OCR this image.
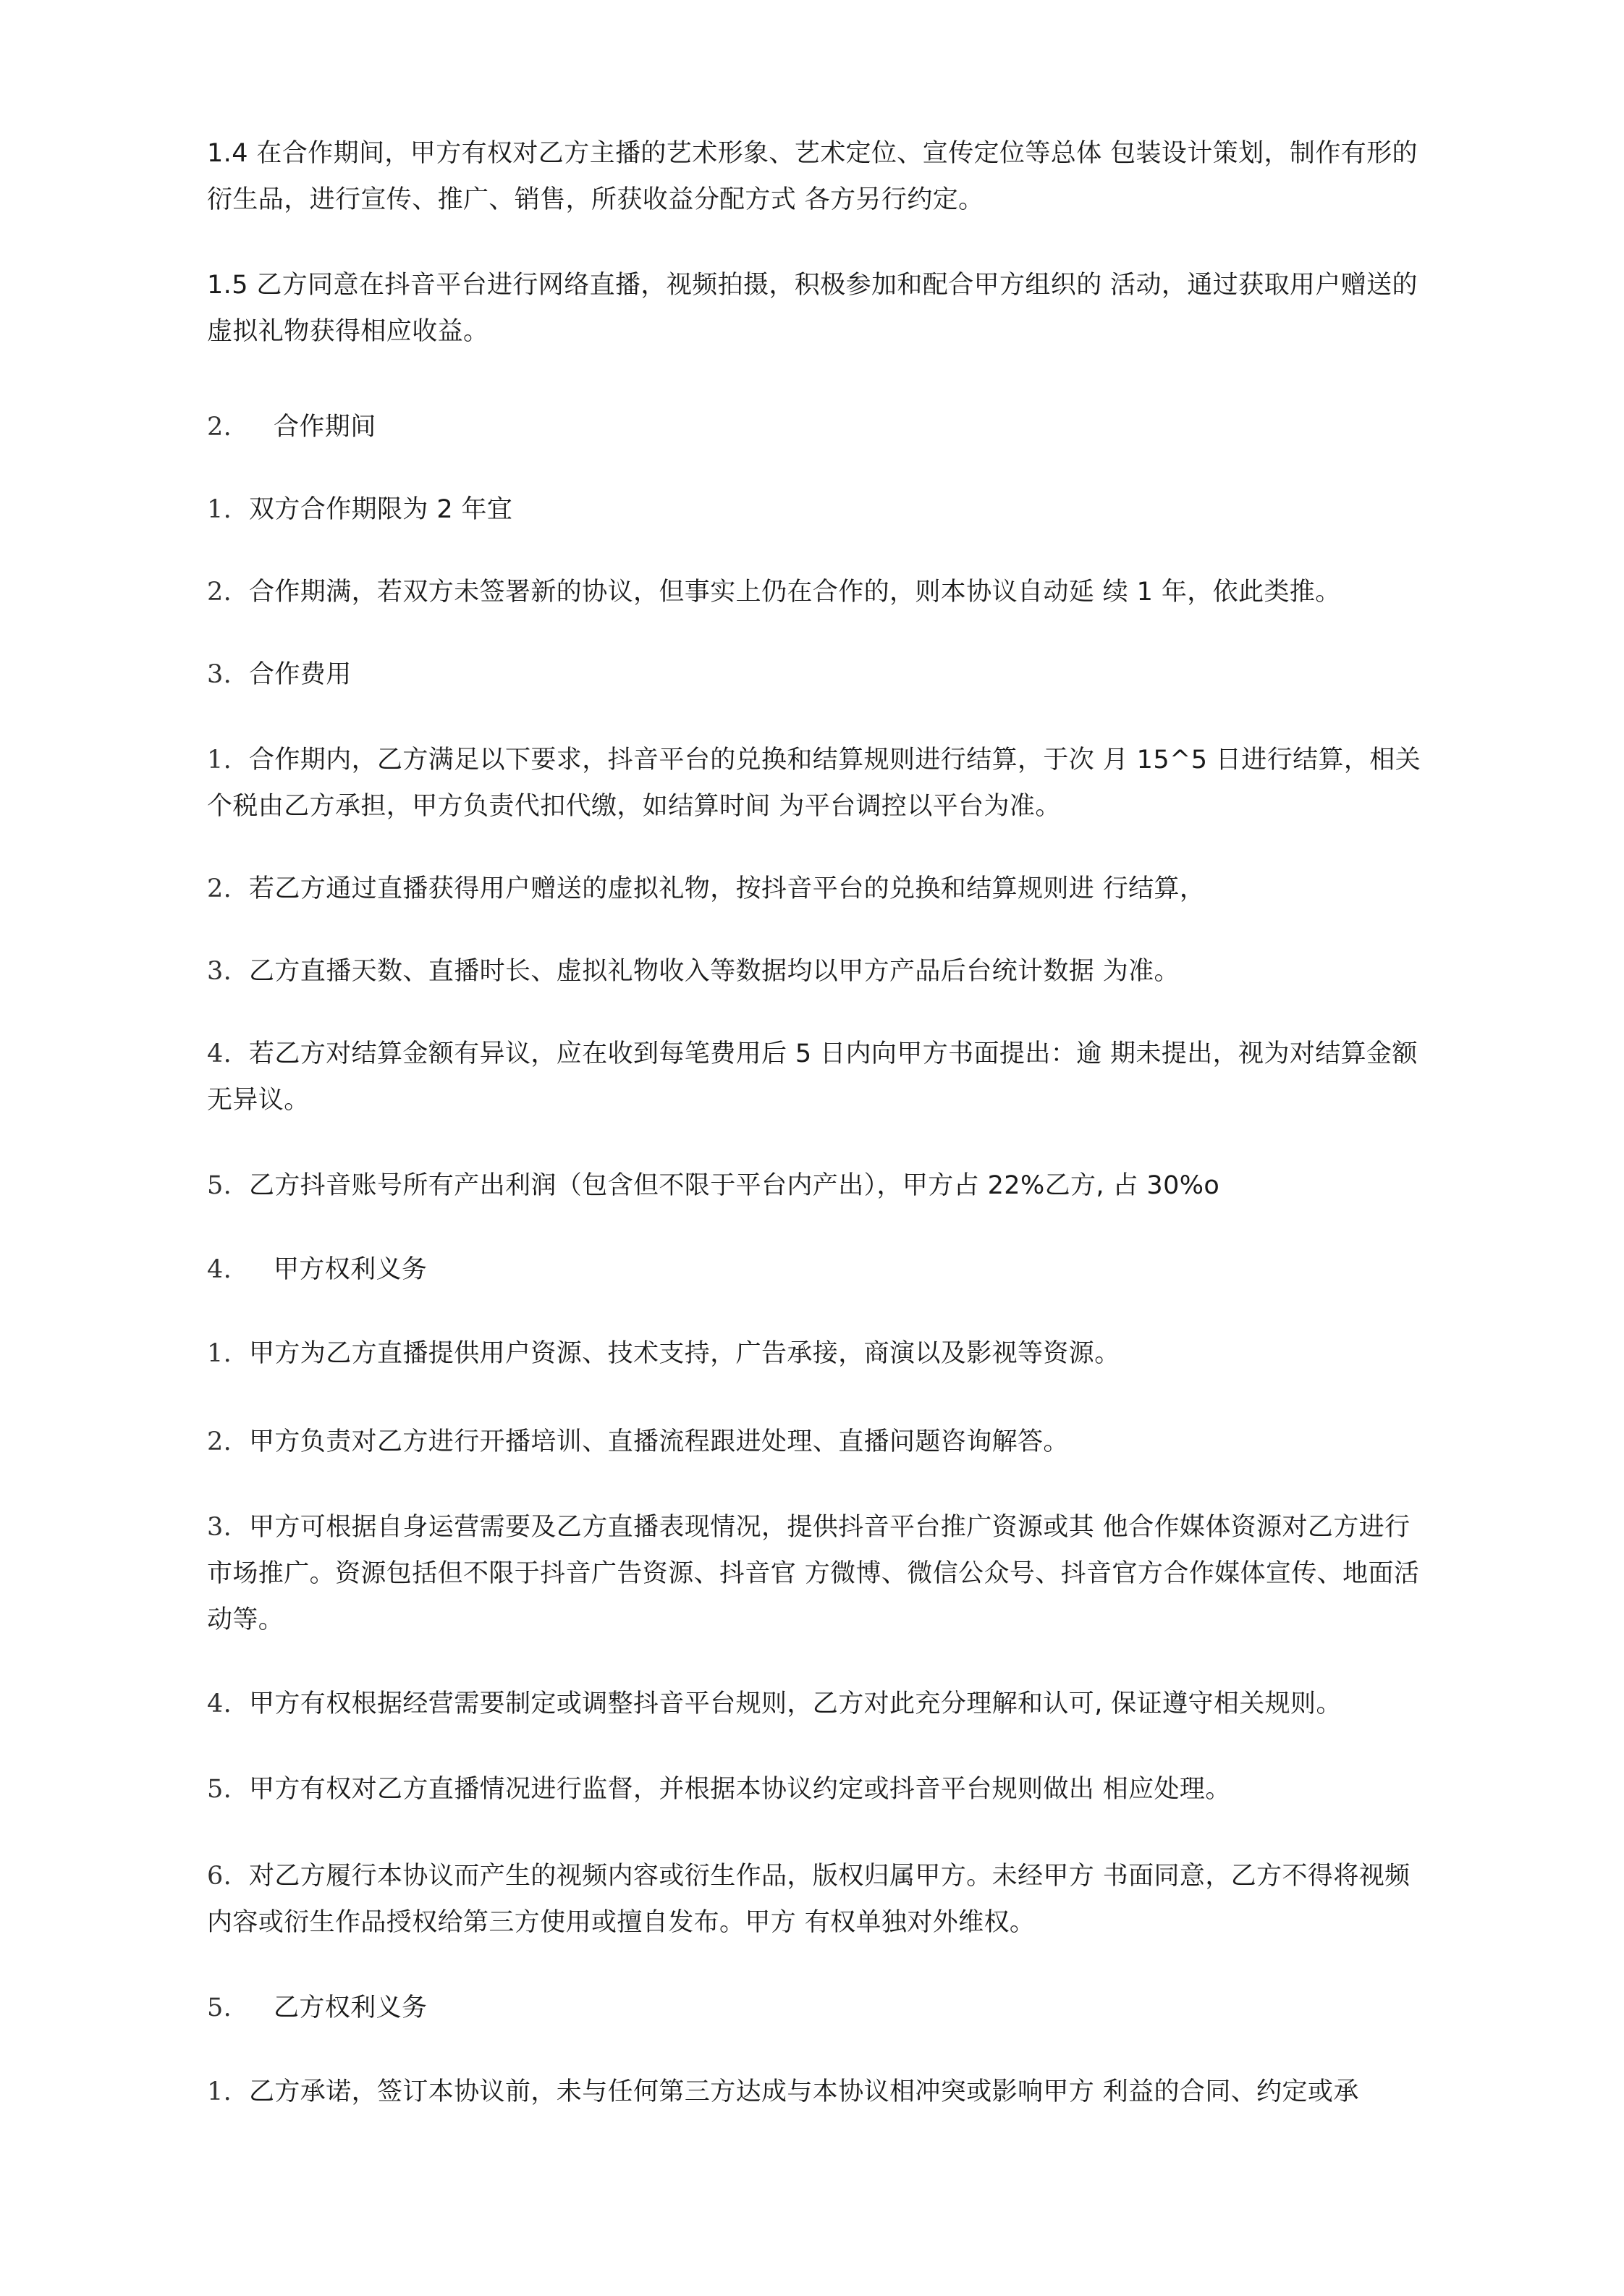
1.4 在合作期间，甲方有权对乙方主播的艺术形象、艺术定位、宣传定位等总体 包装设计策划，制作有形的衍生品，进行宣传、推广、销售，所获收益分配方式 各方另行约定。

1.5 乙方同意在抖音平台进行网络直播，视频拍摄，积极参加和配合甲方组织的 活动，通过获取用户赠送的虚拟礼物获得相应收益。

2. 合作期间

1. 双方合作期限为 2 年宜

2. 合作期满，若双方未签署新的协议，但事实上仍在合作的，则本协议自动延 续 1 年，依此类推。

3. 合作费用

1. 合作期内，乙方满足以下要求，抖音平台的兑换和结算规则进行结算，于次 月 15^5 日进行结算，相关个税由乙方承担，甲方负责代扣代缴，如结算时间 为平台调控以平台为准。

2. 若乙方通过直播获得用户赠送的虚拟礼物，按抖音平台的兑换和结算规则进 行结算，

3. 乙方直播天数、直播时长、虚拟礼物收入等数据均以甲方产品后台统计数据 为准。

4. 若乙方对结算金额有异议，应在收到每笔费用后 5 日内向甲方书面提出：逾 期未提出，视为对结算金额无异议。

5. 乙方抖音账号所有产出利润（包含但不限于平台内产出），甲方占 22%乙方, 占 30%o

4. 甲方权利义务

1. 甲方为乙方直播提供用户资源、技术支持，广告承接，商演以及影视等资源。

2. 甲方负责对乙方进行开播培训、直播流程跟进处理、直播问题咨询解答。

3. 甲方可根据自身运营需要及乙方直播表现情况，提供抖音平台推广资源或其 他合作媒体资源对乙方进行市场推广。资源包括但不限于抖音广告资源、抖音官 方微博、微信公众号、抖音官方合作媒体宣传、地面活动等。

4. 甲方有权根据经营需要制定或调整抖音平台规则，乙方对此充分理解和认可, 保证遵守相关规则。

5. 甲方有权对乙方直播情况进行监督，并根据本协议约定或抖音平台规则做出 相应处理。

6. 对乙方履行本协议而产生的视频内容或衍生作品，版权归属甲方。未经甲方 书面同意，乙方不得将视频内容或衍生作品授权给第三方使用或擅自发布。甲方 有权单独对外维权。

5. 乙方权利义务

1. 乙方承诺，签订本协议前，未与任何第三方达成与本协议相冲突或影响甲方 利益的合同、约定或承
